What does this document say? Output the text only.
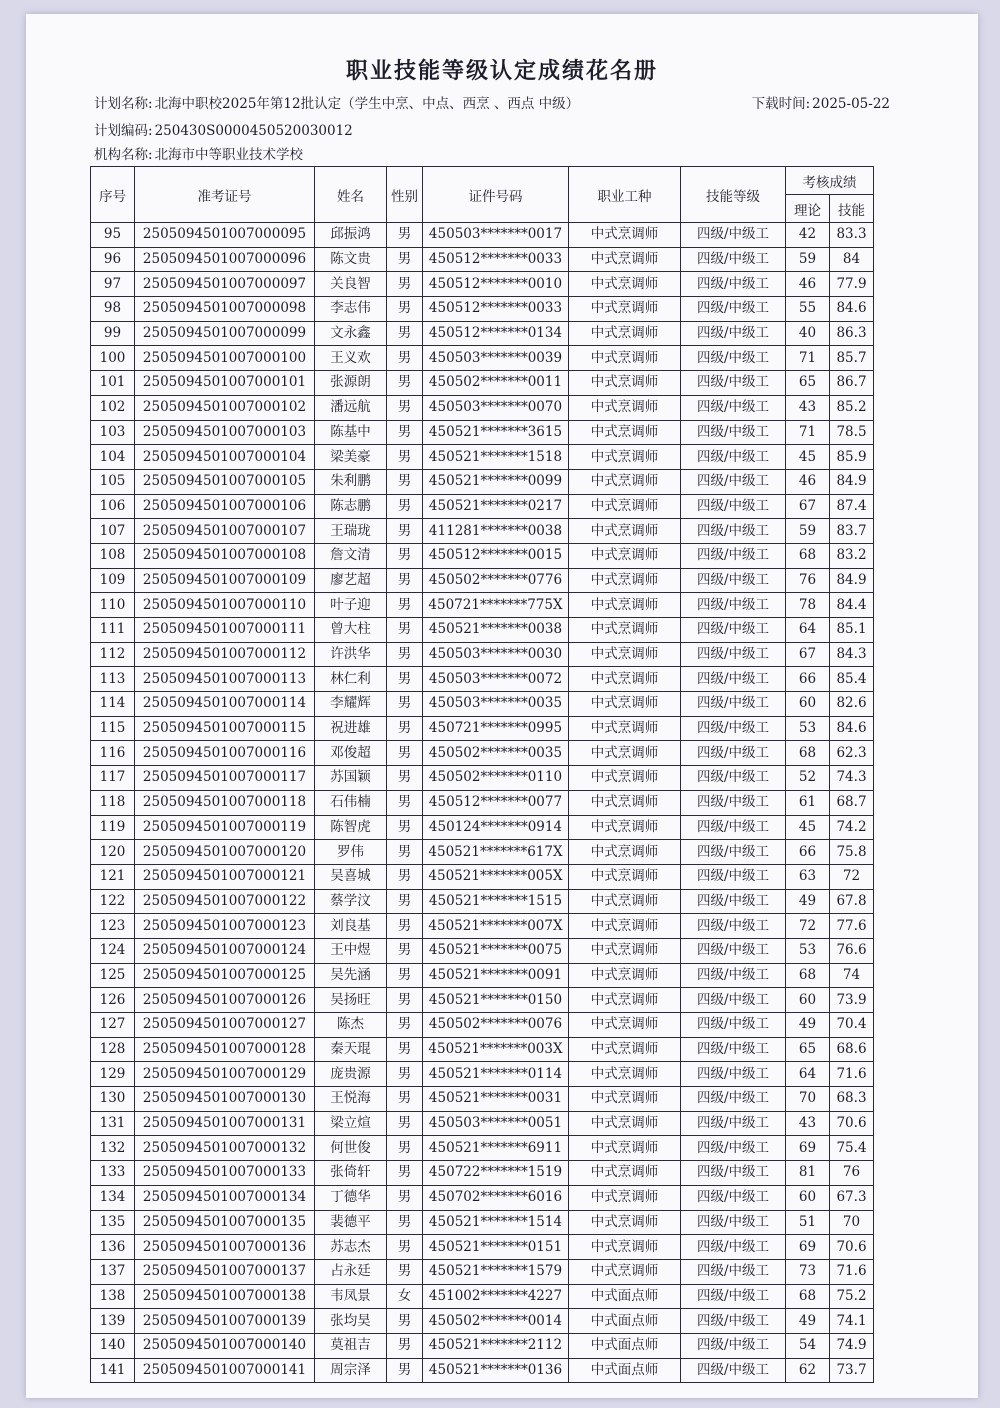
职业技能等级认定成绩花名册
计划名称: 北海中职校2025年第12批认定（学生中烹、中点、西烹 、西点 中级）	下载时间: 2025-05-22
计划编码: 250430S0000450520030012
机构名称: 北海市中等职业技术学校
序号	准考证号	姓名	性别	证件号码	职业工种	技能等级	考核成绩	
							理论	技能
95	2505094501007000095	邱振鸿	男	450503*******0017	中式烹调师	四级/中级工	42	83.3
96	2505094501007000096	陈文贵	男	450512*******0033	中式烹调师	四级/中级工	59	84
97	2505094501007000097	关良智	男	450512*******0010	中式烹调师	四级/中级工	46	77.9
98	2505094501007000098	李志伟	男	450512*******0033	中式烹调师	四级/中级工	55	84.6
99	2505094501007000099	文永鑫	男	450512*******0134	中式烹调师	四级/中级工	40	86.3
100	2505094501007000100	王义欢	男	450503*******0039	中式烹调师	四级/中级工	71	85.7
101	2505094501007000101	张源朗	男	450502*******0011	中式烹调师	四级/中级工	65	86.7
102	2505094501007000102	潘远航	男	450503*******0070	中式烹调师	四级/中级工	43	85.2
103	2505094501007000103	陈基中	男	450521*******3615	中式烹调师	四级/中级工	71	78.5
104	2505094501007000104	梁美豪	男	450521*******1518	中式烹调师	四级/中级工	45	85.9
105	2505094501007000105	朱利鹏	男	450521*******0099	中式烹调师	四级/中级工	46	84.9
106	2505094501007000106	陈志鹏	男	450521*******0217	中式烹调师	四级/中级工	67	87.4
107	2505094501007000107	王瑞珑	男	411281*******0038	中式烹调师	四级/中级工	59	83.7
108	2505094501007000108	詹文清	男	450512*******0015	中式烹调师	四级/中级工	68	83.2
109	2505094501007000109	廖艺超	男	450502*******0776	中式烹调师	四级/中级工	76	84.9
110	2505094501007000110	叶子迎	男	450721*******775X	中式烹调师	四级/中级工	78	84.4
111	2505094501007000111	曾大柱	男	450521*******0038	中式烹调师	四级/中级工	64	85.1
112	2505094501007000112	许洪华	男	450503*******0030	中式烹调师	四级/中级工	67	84.3
113	2505094501007000113	林仁利	男	450503*******0072	中式烹调师	四级/中级工	66	85.4
114	2505094501007000114	李耀辉	男	450503*******0035	中式烹调师	四级/中级工	60	82.6
115	2505094501007000115	祝进雄	男	450721*******0995	中式烹调师	四级/中级工	53	84.6
116	2505094501007000116	邓俊超	男	450502*******0035	中式烹调师	四级/中级工	68	62.3
117	2505094501007000117	苏国颖	男	450502*******0110	中式烹调师	四级/中级工	52	74.3
118	2505094501007000118	石伟楠	男	450512*******0077	中式烹调师	四级/中级工	61	68.7
119	2505094501007000119	陈智虎	男	450124*******0914	中式烹调师	四级/中级工	45	74.2
120	2505094501007000120	罗伟	男	450521*******617X	中式烹调师	四级/中级工	66	75.8
121	2505094501007000121	吴喜城	男	450521*******005X	中式烹调师	四级/中级工	63	72
122	2505094501007000122	蔡学汶	男	450521*******1515	中式烹调师	四级/中级工	49	67.8
123	2505094501007000123	刘良基	男	450521*******007X	中式烹调师	四级/中级工	72	77.6
124	2505094501007000124	王中煜	男	450521*******0075	中式烹调师	四级/中级工	53	76.6
125	2505094501007000125	吴先涵	男	450521*******0091	中式烹调师	四级/中级工	68	74
126	2505094501007000126	吴扬旺	男	450521*******0150	中式烹调师	四级/中级工	60	73.9
127	2505094501007000127	陈杰	男	450502*******0076	中式烹调师	四级/中级工	49	70.4
128	2505094501007000128	秦天琨	男	450521*******003X	中式烹调师	四级/中级工	65	68.6
129	2505094501007000129	庞贵源	男	450521*******0114	中式烹调师	四级/中级工	64	71.6
130	2505094501007000130	王悦海	男	450521*******0031	中式烹调师	四级/中级工	70	68.3
131	2505094501007000131	梁立煊	男	450503*******0051	中式烹调师	四级/中级工	43	70.6
132	2505094501007000132	何世俊	男	450521*******6911	中式烹调师	四级/中级工	69	75.4
133	2505094501007000133	张倚轩	男	450722*******1519	中式烹调师	四级/中级工	81	76
134	2505094501007000134	丁德华	男	450702*******6016	中式烹调师	四级/中级工	60	67.3
135	2505094501007000135	裴德平	男	450521*******1514	中式烹调师	四级/中级工	51	70
136	2505094501007000136	苏志杰	男	450521*******0151	中式烹调师	四级/中级工	69	70.6
137	2505094501007000137	占永廷	男	450521*******1579	中式烹调师	四级/中级工	73	71.6
138	2505094501007000138	韦凤景	女	451002*******4227	中式面点师	四级/中级工	68	75.2
139	2505094501007000139	张均昊	男	450502*******0014	中式面点师	四级/中级工	49	74.1
140	2505094501007000140	莫祖吉	男	450521*******2112	中式面点师	四级/中级工	54	74.9
141	2505094501007000141	周宗泽	男	450521*******0136	中式面点师	四级/中级工	62	73.7
